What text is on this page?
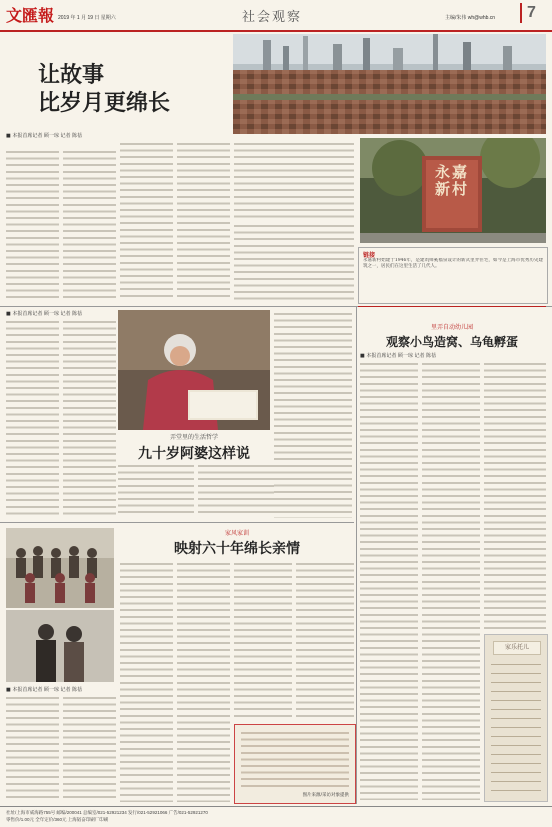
文匯報 2019 年 1 月 19 日 星期六	社会观察	主编/朱伟 wh@whb.cn 7
让故事
比岁月更绵长
■ 本报首席记者 顾一琼 记者 陈蓓

永嘉新村
链接
永嘉新村始建于1946年，是建筑师奚福泉设计的新式里弄住宅，如今是上海市优秀历史建筑之一，居民们在这里生活了几代人。
■ 本报首席记者 顾一琼 记者 陈蓓
弄堂里的生活哲学
九十岁阿婆这样说
■ 本报首席记者 顾一琼 记者 陈蓓
家风家训
映射六十年绵长亲情
图片来源/采访对象提供
里弄自动幼儿园
观察小鸟造窝、乌龟孵蛋
■ 本报首席记者 顾一琼 记者 陈蓓
家乐托儿
社址/上海市威海路755号 邮编/200041 总编室/021-52921234 发行/021-52921066 广告/021-52921270
零售价/1.00元 全年定价/360元 上海韬奋印刷厂印刷
